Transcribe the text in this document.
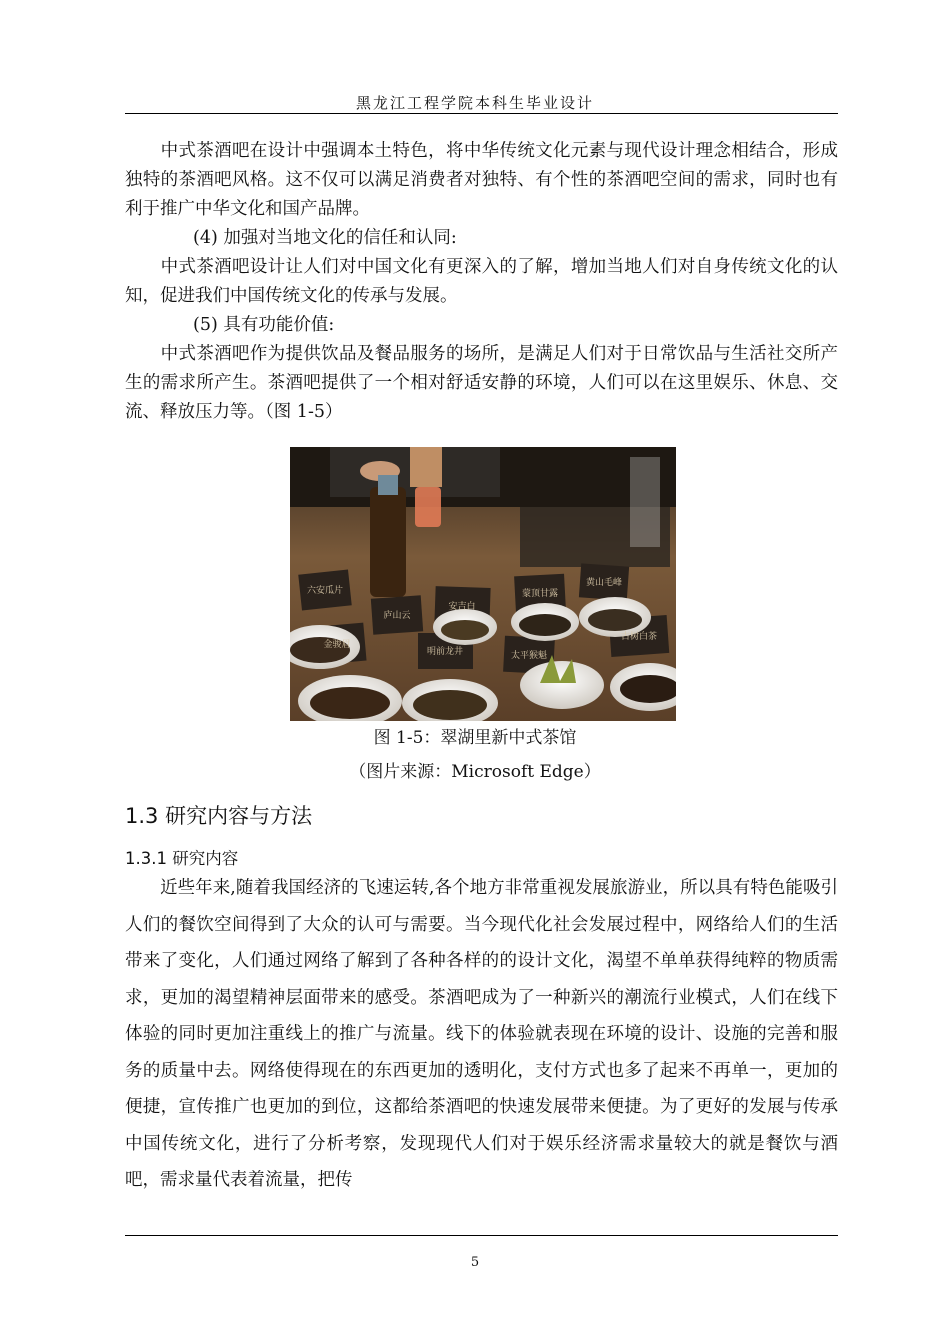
黑龙江工程学院本科生毕业设计

　　中式茶酒吧在设计中强调本土特色，将中华传统文化元素与现代设计理念相结合，形成独特的茶酒吧风格。这不仅可以满足消费者对独特、有个性的茶酒吧空间的需求，同时也有利于推广中华文化和国产品牌。

(4) 加强对当地文化的信任和认同:

　　中式茶酒吧设计让人们对中国文化有更深入的了解，增加当地人们对自身传统文化的认知，促进我们中国传统文化的传承与发展。

(5) 具有功能价值:

　　中式茶酒吧作为提供饮品及餐品服务的场所，是满足人们对于日常饮品与生活社交所产生的需求所产生。茶酒吧提供了一个相对舒适安静的环境，人们可以在这里娱乐、休息、交流、释放压力等。（图 1-5）

六安瓜片
庐山云
安吉白
蒙顶甘露
黄山毛峰
金骏眉
明前龙井	太平猴魁
古树白茶
图 1-5：翠湖里新中式茶馆
（图片来源：Microsoft Edge）
1.3 研究内容与方法
1.3.1 研究内容

　　近些年来,随着我国经济的飞速运转,各个地方非常重视发展旅游业，所以具有特色能吸引人们的餐饮空间得到了大众的认可与需要。当今现代化社会发展过程中，网络给人们的生活带来了变化，人们通过网络了解到了各种各样的的设计文化，渴望不单单获得纯粹的物质需求，更加的渴望精神层面带来的感受。茶酒吧成为了一种新兴的潮流行业模式，人们在线下体验的同时更加注重线上的推广与流量。线下的体验就表现在环境的设计、设施的完善和服务的质量中去。网络使得现在的东西更加的透明化，支付方式也多了起来不再单一，更加的便捷，宣传推广也更加的到位，这都给茶酒吧的快速发展带来便捷。为了更好的发展与传承中国传统文化，进行了分析考察，发现现代人们对于娱乐经济需求量较大的就是餐饮与酒吧，需求量代表着流量，把传

5
